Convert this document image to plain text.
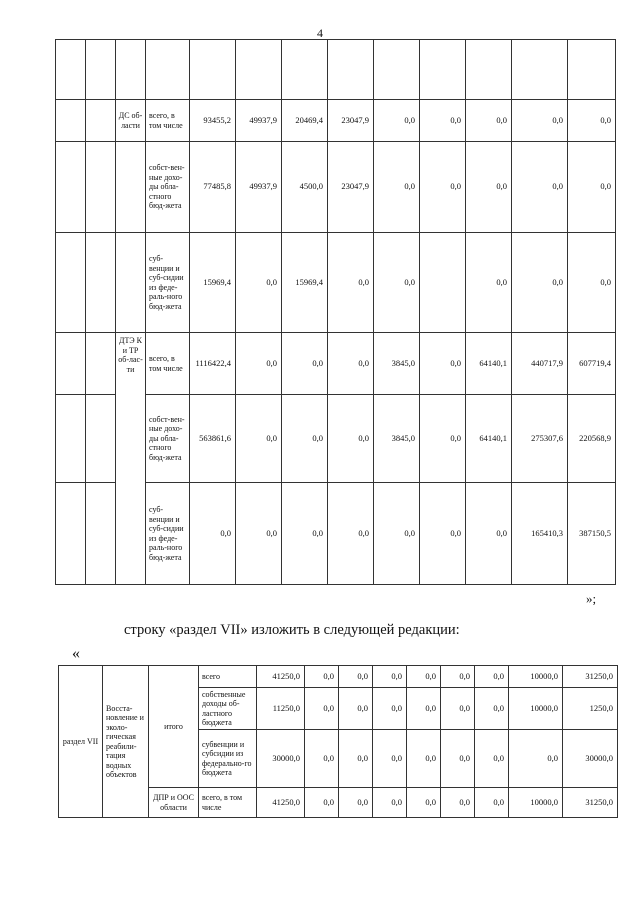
4

		ДС об-ласти	всего, в том числе	93455,2	49937,9	20469,4	23047,9	0,0	0,0	0,0	0,0	0,0
			собст-вен-ные дохо-ды обла-стного бюд-жета	77485,8	49937,9	4500,0	23047,9	0,0	0,0	0,0	0,0	0,0
			суб-венции и суб-сидии из феде-раль-ного бюд-жета	15969,4	0,0	15969,4	0,0	0,0		0,0	0,0	0,0
		ДТЭ К и ТР об-лас-ти	всего, в том числе	1116422,4	0,0	0,0	0,0	3845,0	0,0	64140,1	440717,9	607719,4
			собст-вен-ные дохо-ды обла-стного бюд-жета	563861,6	0,0	0,0	0,0	3845,0	0,0	64140,1	275307,6	220568,9
			суб-венции и суб-сидии из феде-раль-ного бюд-жета	0,0	0,0	0,0	0,0	0,0	0,0	0,0	165410,3	387150,5
»;
строку «раздел VII» изложить в следующей редакции:
«
раздел VII	Восста-новление и эколо-гическая реабили-тация водных объектов	итого	всего	41250,0	0,0	0,0	0,0	0,0	0,0	0,0	10000,0	31250,0
			собственные доходы об-ластного бюджета	11250,0	0,0	0,0	0,0	0,0	0,0	0,0	10000,0	1250,0
			субвенции и субсидии из федерально-го бюджета	30000,0	0,0	0,0	0,0	0,0	0,0	0,0	0,0	30000,0
		ДПР и ООС области	всего, в том числе	41250,0	0,0	0,0	0,0	0,0	0,0	0,0	10000,0	31250,0
